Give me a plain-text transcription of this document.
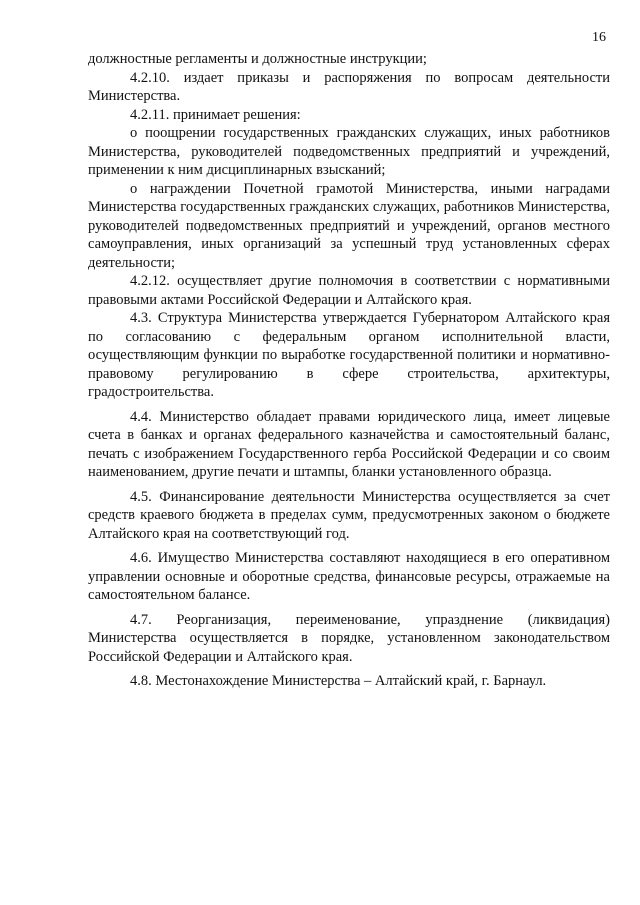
16

должностные регламенты и должностные инструкции;

4.2.10. издает приказы и распоряжения по вопросам деятельности Министерства.

4.2.11. принимает решения:

о поощрении государственных гражданских служащих, иных работников Министерства, руководителей подведомственных предприятий и учреждений, применении к ним дисциплинарных взысканий;

о награждении Почетной грамотой Министерства, иными наградами Министерства государственных гражданских служащих, работников Министерства, руководителей подведомственных предприятий и учреждений, органов местного самоуправления, иных организаций за успешный труд установленных сферах деятельности;

4.2.12. осуществляет другие полномочия в соответствии с нормативными правовыми актами Российской Федерации и Алтайского края.

4.3. Структура Министерства утверждается Губернатором Алтайского края по согласованию с федеральным органом исполнительной власти, осуществляющим функции по выработке государственной политики и нормативно-правовому регулированию в сфере строительства, архитектуры, градостроительства.

4.4. Министерство обладает правами юридического лица, имеет лицевые счета в банках и органах федерального казначейства и самостоятельный баланс, печать с изображением Государственного герба Российской Федерации и со своим наименованием, другие печати и штампы, бланки установленного образца.

4.5. Финансирование деятельности Министерства осуществляется за счет средств краевого бюджета в пределах сумм, предусмотренных законом о бюджете Алтайского края на соответствующий год.

4.6. Имущество Министерства составляют находящиеся в его оперативном управлении основные и оборотные средства, финансовые ресурсы, отражаемые на самостоятельном балансе.

4.7. Реорганизация, переименование, упразднение (ликвидация) Министерства осуществляется в порядке, установленном законодательством Российской Федерации и Алтайского края.

4.8. Местонахождение Министерства – Алтайский край, г. Барнаул.
